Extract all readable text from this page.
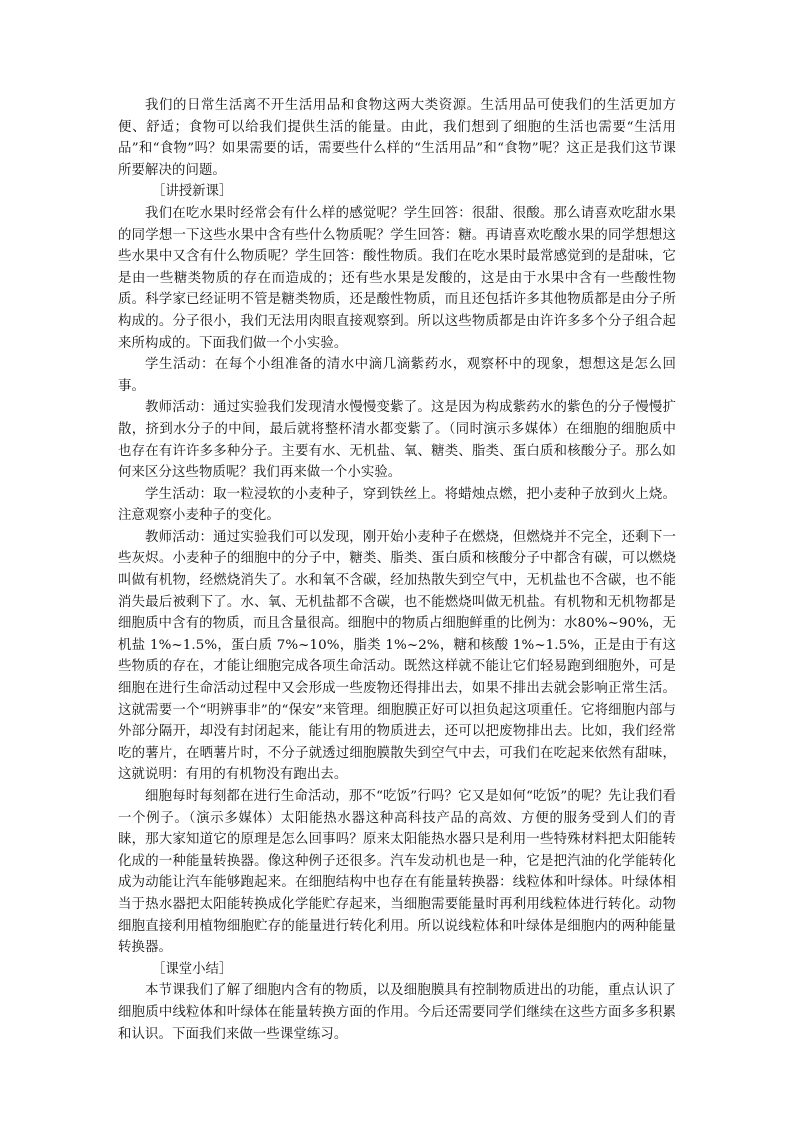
我们的日常生活离不开生活用品和食物这两大类资源。生活用品可使我们的生活更加方便、舒适；食物可以给我们提供生活的能量。由此，我们想到了细胞的生活也需要“生活用品”和“食物”吗？如果需要的话，需要些什么样的“生活用品”和“食物”呢？这正是我们这节课所要解决的问题。

［讲授新课］

我们在吃水果时经常会有什么样的感觉呢？学生回答：很甜、很酸。那么请喜欢吃甜水果的同学想一下这些水果中含有些什么物质呢？学生回答：糖。再请喜欢吃酸水果的同学想想这些水果中又含有什么物质呢？学生回答：酸性物质。我们在吃水果时最常感觉到的是甜味，它是由一些糖类物质的存在而造成的；还有些水果是发酸的，这是由于水果中含有一些酸性物质。科学家已经证明不管是糖类物质，还是酸性物质，而且还包括许多其他物质都是由分子所构成的。分子很小，我们无法用肉眼直接观察到。所以这些物质都是由许许多多个分子组合起来所构成的。下面我们做一个小实验。

学生活动：在每个小组准备的清水中滴几滴紫药水，观察杯中的现象，想想这是怎么回事。

教师活动：通过实验我们发现清水慢慢变紫了。这是因为构成紫药水的紫色的分子慢慢扩散，挤到水分子的中间，最后就将整杯清水都变紫了。（同时演示多媒体）在细胞的细胞质中也存在有许许多多种分子。主要有水、无机盐、氧、糖类、脂类、蛋白质和核酸分子。那么如何来区分这些物质呢？我们再来做一个小实验。

学生活动：取一粒浸软的小麦种子，穿到铁丝上。将蜡烛点燃，把小麦种子放到火上烧。注意观察小麦种子的变化。

教师活动：通过实验我们可以发现，刚开始小麦种子在燃烧，但燃烧并不完全，还剩下一些灰烬。小麦种子的细胞中的分子中，糖类、脂类、蛋白质和核酸分子中都含有碳，可以燃烧叫做有机物，经燃烧消失了。水和氧不含碳，经加热散失到空气中，无机盐也不含碳，也不能消失最后被剩下了。水、氧、无机盐都不含碳，也不能燃烧叫做无机盐。有机物和无机物都是细胞质中含有的物质，而且含量很高。细胞中的物质占细胞鲜重的比例为：水80%~90%，无机盐 1%~1.5%，蛋白质 7%~10%，脂类 1%~2%，糖和核酸 1%~1.5%，正是由于有这些物质的存在，才能让细胞完成各项生命活动。既然这样就不能让它们轻易跑到细胞外，可是细胞在进行生命活动过程中又会形成一些废物还得排出去，如果不排出去就会影响正常生活。这就需要一个“明辨事非”的“保安”来管理。细胞膜正好可以担负起这项重任。它将细胞内部与外部分隔开，却没有封闭起来，能让有用的物质进去，还可以把废物排出去。比如，我们经常吃的薯片，在晒薯片时，不分子就透过细胞膜散失到空气中去，可我们在吃起来依然有甜味，这就说明：有用的有机物没有跑出去。

细胞每时每刻都在进行生命活动，那不“吃饭”行吗？它又是如何“吃饭”的呢？先让我们看一个例子。（演示多媒体）太阳能热水器这种高科技产品的高效、方便的服务受到人们的青睐，那大家知道它的原理是怎么回事吗？原来太阳能热水器只是利用一些特殊材料把太阳能转化成的一种能量转换器。像这种例子还很多。汽车发动机也是一种，它是把汽油的化学能转化成为动能让汽车能够跑起来。在细胞结构中也存在有能量转换器：线粒体和叶绿体。叶绿体相当于热水器把太阳能转换成化学能贮存起来，当细胞需要能量时再利用线粒体进行转化。动物细胞直接利用植物细胞贮存的能量进行转化利用。所以说线粒体和叶绿体是细胞内的两种能量转换器。

［课堂小结］

本节课我们了解了细胞内含有的物质，以及细胞膜具有控制物质进出的功能，重点认识了细胞质中线粒体和叶绿体在能量转换方面的作用。今后还需要同学们继续在这些方面多多积累和认识。下面我们来做一些课堂练习。
